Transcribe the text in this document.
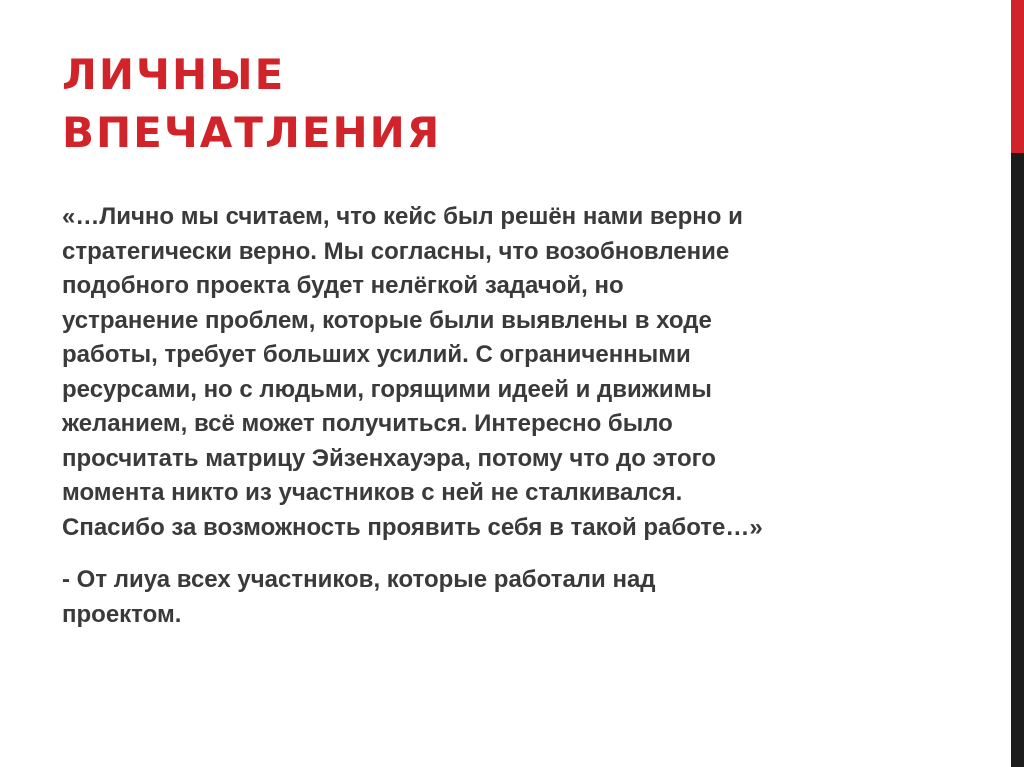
ЛИЧНЫЕ
ВПЕЧАТЛЕНИЯ

«…Лично мы считаем, что кейс был решён нами верно и
стратегически верно. Мы согласны, что возобновление
подобного проекта будет нелёгкой задачой, но
устранение проблем, которые были выявлены в ходе
работы, требует больших усилий. С ограниченными
ресурсами, но с людьми, горящими идеей и движимы
желанием, всё может получиться. Интересно было
просчитать матрицу Эйзенхауэра, потому что до этого
момента никто из участников с ней не сталкивался.
Спасибо за возможность проявить себя в такой работе…»

- От лиуа всех участников, которые работали над
проектом.
